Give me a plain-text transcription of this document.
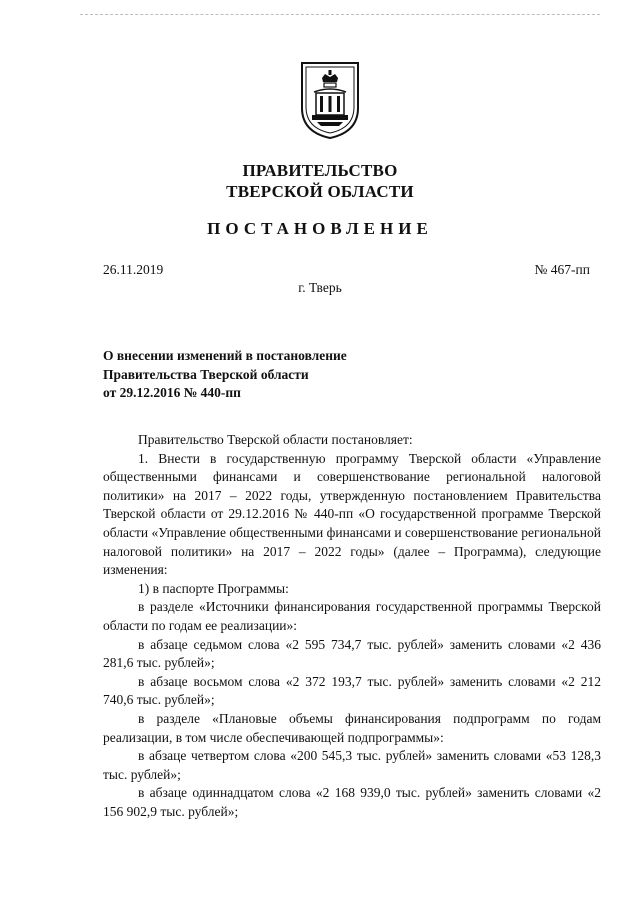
ПРАВИТЕЛЬСТВО
ТВЕРСКОЙ ОБЛАСТИ
ПОСТАНОВЛЕНИЕ
26.11.2019	№ 467-пп
г. Тверь
О внесении изменений в постановление
Правительства Тверской области
от 29.12.2016 № 440-пп

Правительство Тверской области постановляет:

1. Внести в государственную программу Тверской области «Управление общественными финансами и совершенствование региональной налоговой политики» на 2017 – 2022 годы, утвержденную постановлением Правительства Тверской области от 29.12.2016 № 440-пп «О государственной программе Тверской области «Управление общественными финансами и совершенствование региональной налоговой политики» на 2017 – 2022 годы» (далее – Программа), следующие изменения:

1) в паспорте Программы:

в разделе «Источники финансирования государственной программы Тверской области по годам ее реализации»:

в абзаце седьмом слова «2 595 734,7 тыс. рублей» заменить словами «2 436 281,6 тыс. рублей»;

в абзаце восьмом слова «2 372 193,7 тыс. рублей» заменить словами «2 212 740,6 тыс. рублей»;

в разделе «Плановые объемы финансирования подпрограмм по годам реализации, в том числе обеспечивающей подпрограммы»:

в абзаце четвертом слова «200 545,3 тыс. рублей» заменить словами «53 128,3 тыс. рублей»;

в абзаце одиннадцатом слова «2 168 939,0 тыс. рублей» заменить словами «2 156 902,9 тыс. рублей»;
